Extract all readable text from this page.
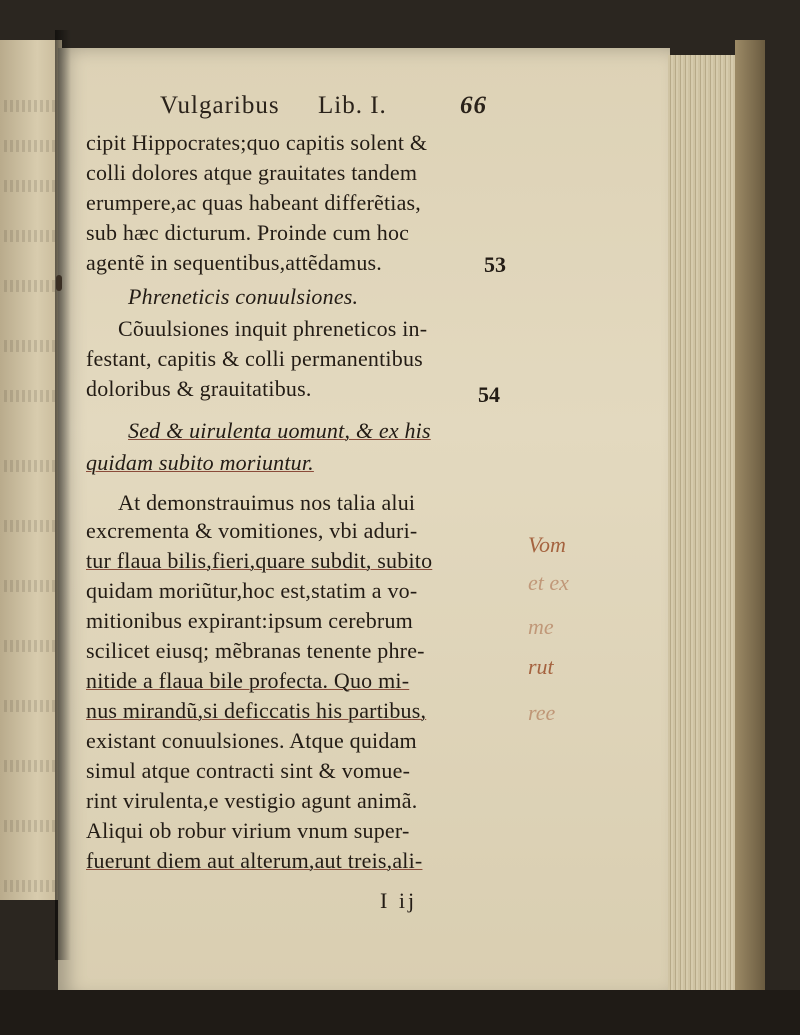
Vulgaribus Lib. I.	66
cipit Hippocrates;quo capitis solent &
colli dolores atque grauitates tandem
erumpere,ac quas habeant differẽtias,
sub hæc dicturum. Proinde cum hoc
agentẽ in sequentibus,attẽdamus.	53
Phreneticis conuulsiones.
Cõuulsiones inquit phreneticos in-
festant, capitis & colli permanentibus
doloribus & grauitatibus.	54
Sed & uirulenta uomunt, & ex his
quidam subito moriuntur.
At demonstrauimus nos talia alui
excrementa & vomitiones, vbi aduri-
tur flaua bilis,fieri,quare subdit, subito
quidam moriũtur,hoc est,statim a vo-
mitionibus expirant:ipsum cerebrum
scilicet eiusq; mẽbranas tenente phre-
nitide a flaua bile profecta. Quo mi-
nus mirandũ,si deficcatis his partibus,
existant conuulsiones. Atque quidam
simul atque contracti sint & vomue-
rint virulenta,e vestigio agunt animã.
Aliqui ob robur virium vnum super-
fuerunt diem aut alterum,aut treis,ali-
I ij
Vom
et ex
me
rut
ree
